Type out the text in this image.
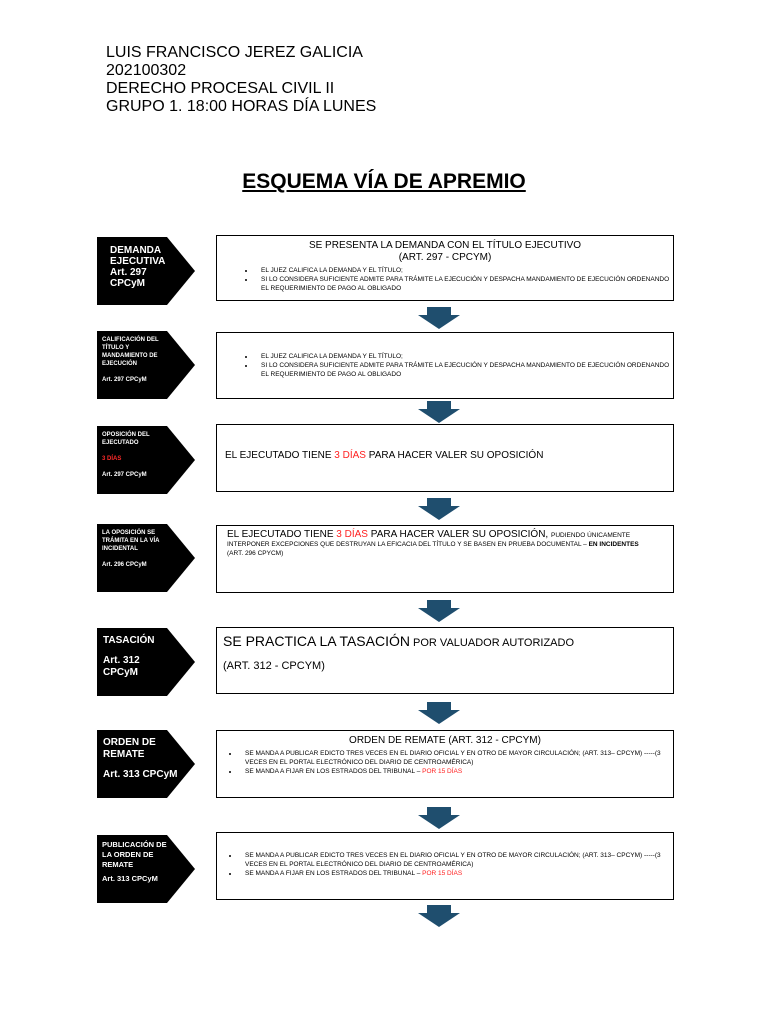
LUIS FRANCISCO JEREZ GALICIA
202100302
DERECHO PROCESAL CIVIL II
GRUPO 1. 18:00 HORAS DÍA LUNES
ESQUEMA VÍA DE APREMIO
DEMANDA
EJECUTIVA
Art. 297
CPCyM
SE PRESENTA LA DEMANDA CON EL TÍTULO EJECUTIVO
(ART. 297 - CPCYM)
• EL JUEZ CALIFICA LA DEMANDA Y EL TÍTULO;
• SI LO CONSIDERA SUFICIENTE ADMITE PARA TRÁMITE LA EJECUCIÓN Y DESPACHA MANDAMIENTO DE EJECUCIÓN ORDENANDO EL REQUERIMIENTO DE PAGO AL OBLIGADO
CALIFICACIÓN DEL
TÍTULO Y
MANDAMIENTO DE
EJECUCIÓN
Art. 297 CPCyM
• EL JUEZ CALIFICA LA DEMANDA Y EL TÍTULO;
• SI LO CONSIDERA SUFICIENTE ADMITE PARA TRÁMITE LA EJECUCIÓN Y DESPACHA MANDAMIENTO DE EJECUCIÓN ORDENANDO EL REQUERIMIENTO DE PAGO AL OBLIGADO
OPOSICIÓN DEL
EJECUTADO
3 DÍAS
Art. 297 CPCyM
EL EJECUTADO TIENE 3 DÍAS PARA HACER VALER SU OPOSICIÓN
LA OPOSICIÓN SE
TRÁMITA EN LA VÍA
INCIDENTAL
Art. 296 CPCyM
EL EJECUTADO TIENE 3 DÍAS PARA HACER VALER SU OPOSICIÓN, PUDIENDO ÚNICAMENTE INTERPONER EXCEPCIONES QUE DESTRUYAN LA EFICACIA DEL TÍTULO Y SE BASEN EN PRUEBA DOCUMENTAL – EN INCIDENTES
(ART. 296 CPYCM)
TASACIÓN
Art. 312
CPCyM
SE PRACTICA LA TASACIÓN POR VALUADOR AUTORIZADO
(ART. 312 - CPCYM)
ORDEN DE
REMATE
Art. 313 CPCyM
ORDEN DE REMATE (ART. 312 - CPCYM)
• SE MANDA A PUBLICAR EDICTO TRES VECES EN EL DIARIO OFICIAL Y EN OTRO DE MAYOR CIRCULACIÓN; (ART. 313– CPCYM) -----(3 VECES EN EL PORTAL ELECTRÓNICO DEL DIARIO DE CENTROAMÉRICA)
• SE MANDA A FIJAR EN LOS ESTRADOS DEL TRIBUNAL – POR 15 DÍAS
PUBLICACIÓN DE
LA ORDEN DE
REMATE
Art. 313 CPCyM
• SE MANDA A PUBLICAR EDICTO TRES VECES EN EL DIARIO OFICIAL Y EN OTRO DE MAYOR CIRCULACIÓN; (ART. 313– CPCYM) -----(3 VECES EN EL PORTAL ELECTRÓNICO DEL DIARIO DE CENTROAMÉRICA)
• SE MANDA A FIJAR EN LOS ESTRADOS DEL TRIBUNAL – POR 15 DÍAS
